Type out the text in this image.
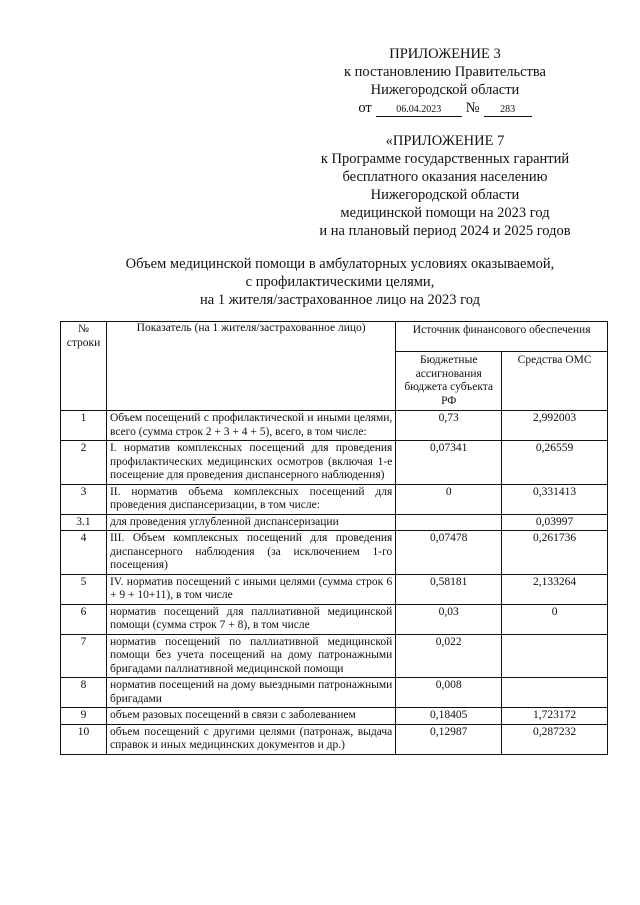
ПРИЛОЖЕНИЕ 3
к постановлению Правительства
Нижегородской области
от	06.04.2023	№	283
«ПРИЛОЖЕНИЕ 7
к Программе государственных гарантий
бесплатного оказания населению
Нижегородской области
медицинской помощи на 2023 год
и на плановый период 2024 и 2025 годов
Объем медицинской помощи в амбулаторных условиях оказываемой,
с профилактическими целями,
на 1 жителя/застрахованное лицо на 2023 год
№ строки	Показатель (на 1 жителя/застрахованное лицо)	Источник финансового обеспечения	
		Бюджетные ассигнования бюджета субъекта РФ	Средства ОМС
1	Объем посещений с профилактической и иными целями, всего (сумма строк 2 + 3 + 4 + 5), всего, в том числе:	0,73	2,992003
2	I. норматив комплексных посещений для проведения профилактических медицинских осмотров (включая 1-е посещение для проведения диспансерного наблюдения)	0,07341	0,26559
3	II. норматив объема комплексных посещений для проведения диспансеризации, в том числе:	0	0,331413
3.1	для проведения углубленной диспансеризации		0,03997
4	III. Объем комплексных посещений для проведения диспансерного наблюдения (за исключением 1-го посещения)	0,07478	0,261736
5	IV. норматив посещений с иными целями (сумма строк 6 + 9 + 10+11), в том числе	0,58181	2,133264
6	норматив посещений для паллиативной медицинской помощи (сумма строк 7 + 8), в том числе	0,03	0
7	норматив посещений по паллиативной медицинской помощи без учета посещений на дому патронажными бригадами паллиативной медицинской помощи	0,022	
8	норматив посещений на дому выездными патронажными бригадами	0,008	
9	объем разовых посещений в связи с заболеванием	0,18405	1,723172
10	объем посещений с другими целями (патронаж, выдача справок и иных медицинских документов и др.)	0,12987	0,287232
